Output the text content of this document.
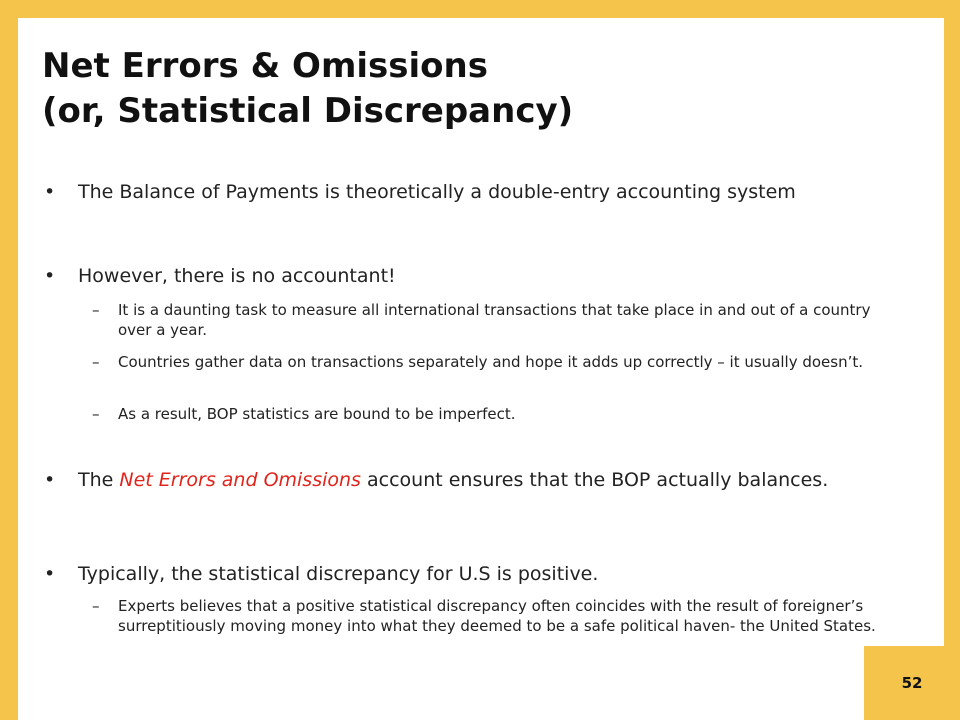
Net Errors & Omissions
(or, Statistical Discrepancy)
• The Balance of Payments is theoretically a double-entry accounting system
• However, there is no accountant!
– It is a daunting task to measure all international transactions that take place in and out of a country over a year.
– Countries gather data on transactions separately and hope it adds up correctly – it usually doesn’t.
– As a result, BOP statistics are bound to be imperfect.
• The Net Errors and Omissions account ensures that the BOP actually balances.
• Typically, the statistical discrepancy for U.S is positive.
– Experts believes that a positive statistical discrepancy often coincides with the result of foreigner’s surreptitiously moving money into what they deemed to be a safe political haven- the United States.
52
